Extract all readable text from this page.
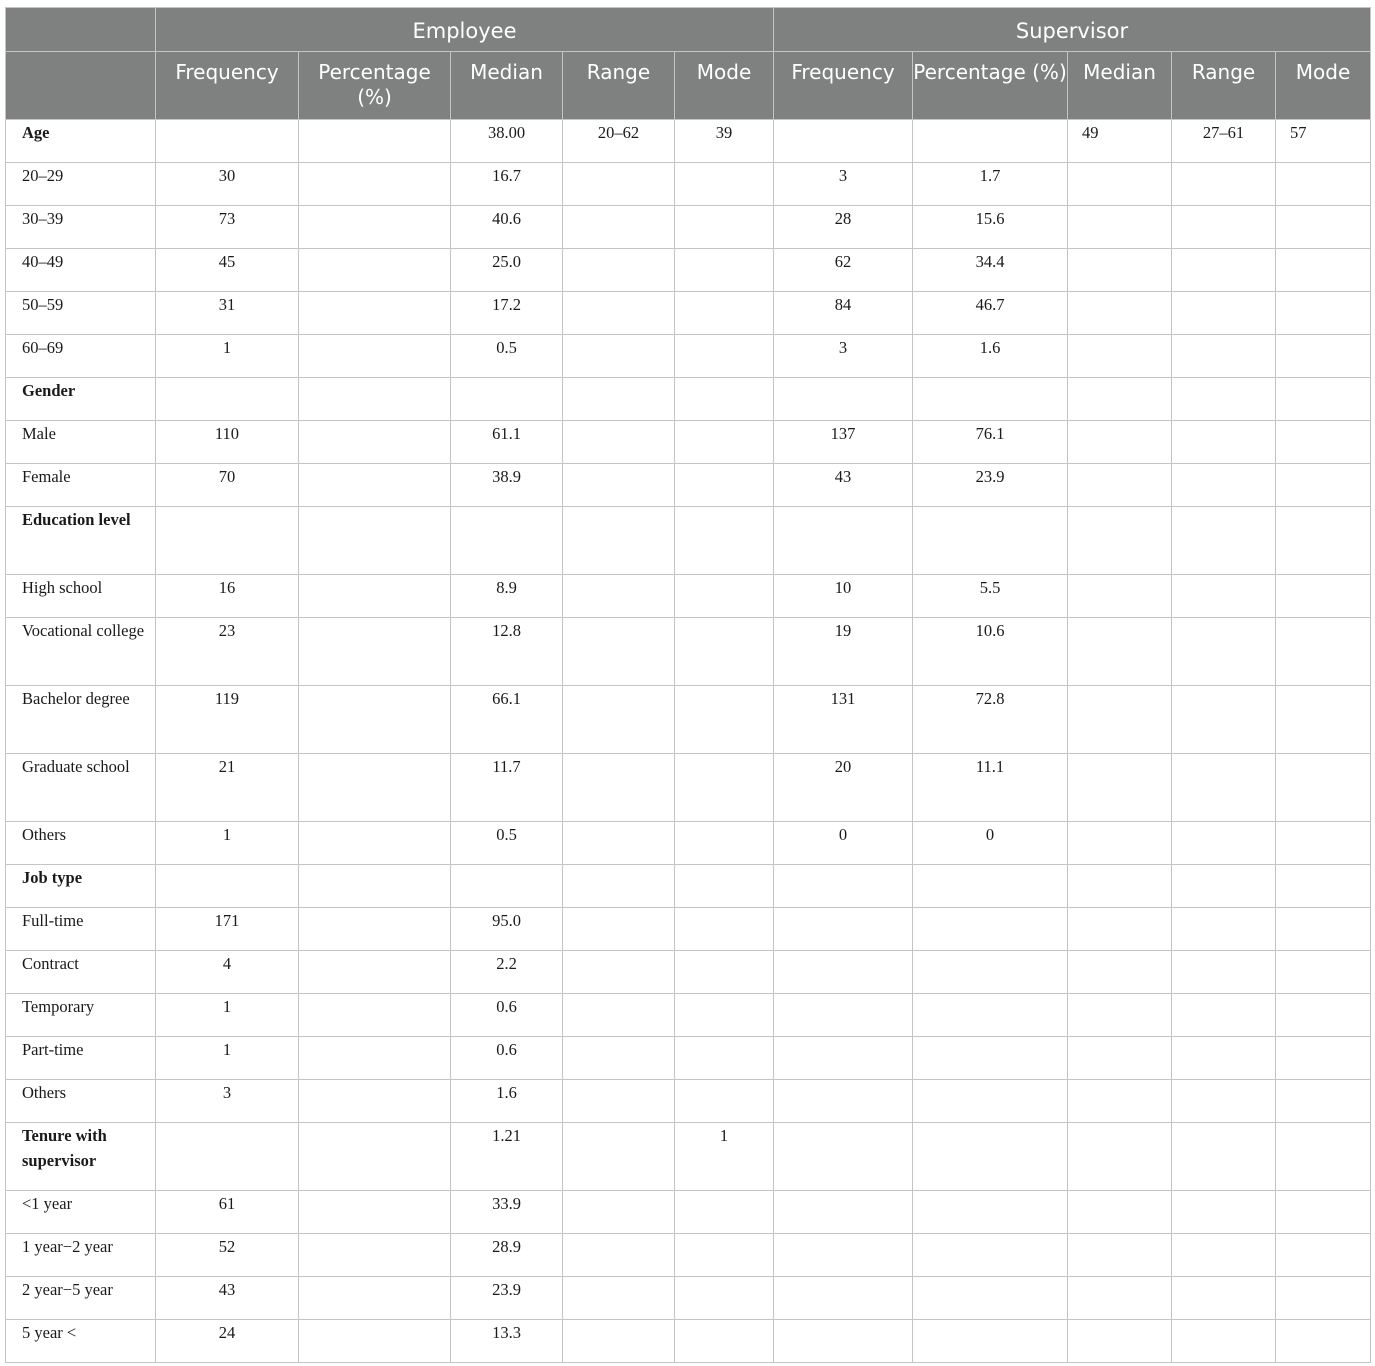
	Employee					Supervisor				
	Frequency	Percentage (%)	Median	Range	Mode	Frequency	Percentage (%)	Median	Range	Mode
Age			38.00	20–62	39			49	27–61	57
20–29	30		16.7			3	1.7			
30–39	73		40.6			28	15.6			
40–49	45		25.0			62	34.4			
50–59	31		17.2			84	46.7			
60–69	1		0.5			3	1.6			
Gender										
Male	110		61.1			137	76.1			
Female	70		38.9			43	23.9			
Education level										
High school	16		8.9			10	5.5			
Vocational college	23		12.8			19	10.6			
Bachelor degree	119		66.1			131	72.8			
Graduate school	21		11.7			20	11.1			
Others	1		0.5			0	0			
Job type										
Full-time	171		95.0							
Contract	4		2.2							
Temporary	1		0.6							
Part-time	1		0.6							
Others	3		1.6							
Tenure with supervisor			1.21		1					
<1 year	61		33.9							
1 year−2 year	52		28.9							
2 year−5 year	43		23.9							
5 year <	24		13.3							
